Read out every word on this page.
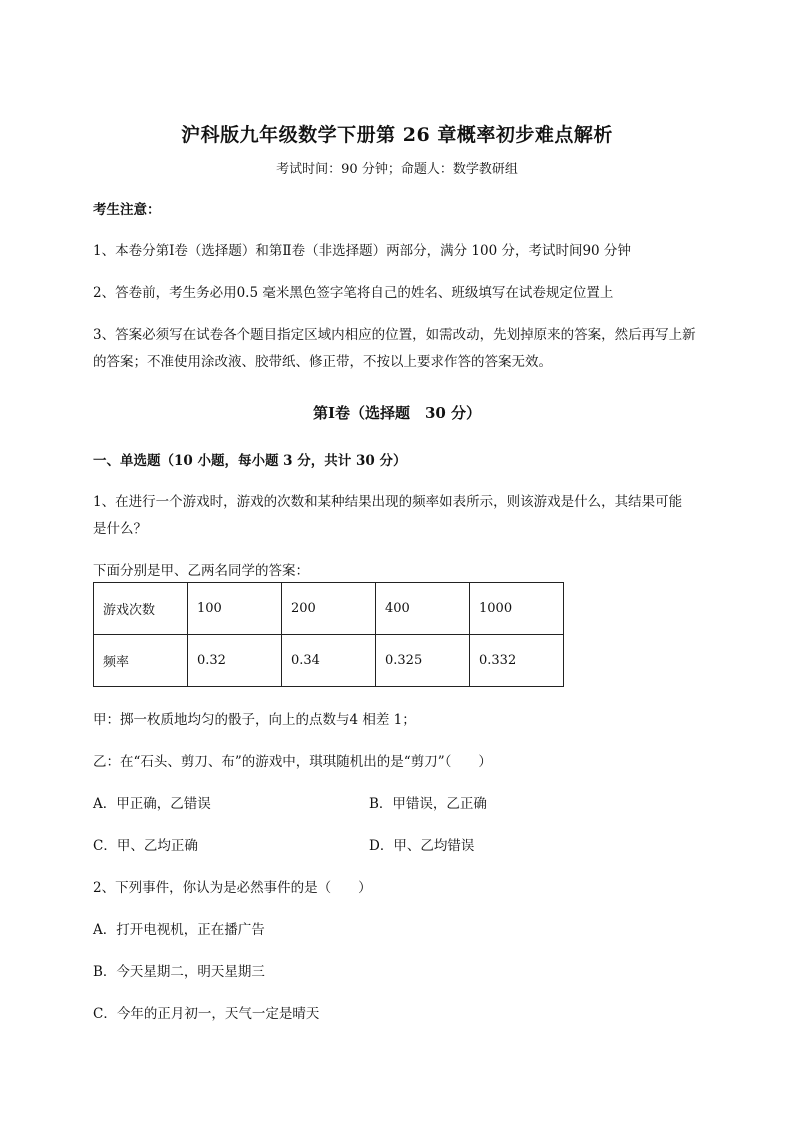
沪科版九年级数学下册第 26 章概率初步难点解析
考试时间：90 分钟；命题人：数学教研组
考生注意：
1、本卷分第Ⅰ卷（选择题）和第Ⅱ卷（非选择题）两部分，满分 100 分，考试时间90 分钟
2、答卷前，考生务必用0.5 毫米黑色签字笔将自己的姓名、班级填写在试卷规定位置上
3、答案必须写在试卷各个题目指定区域内相应的位置，如需改动，先划掉原来的答案，然后再写上新
的答案；不准使用涂改液、胶带纸、修正带，不按以上要求作答的答案无效。
第Ⅰ卷（选择题　30 分）
一、单选题（10 小题，每小题 3 分，共计 30 分）
1、在进行一个游戏时，游戏的次数和某种结果出现的频率如表所示，则该游戏是什么，其结果可能
是什么？
下面分别是甲、乙两名同学的答案：
游戏次数	100	200	400	1000
频率	0.32	0.34	0.325	0.332
甲：掷一枚质地均匀的骰子，向上的点数与4 相差 1；
乙：在“石头、剪刀、布”的游戏中，琪琪随机出的是“剪刀”（　　）
A．甲正确，乙错误	B．甲错误，乙正确
C．甲、乙均正确	D．甲、乙均错误
2、下列事件，你认为是必然事件的是（　　）
A．打开电视机，正在播广告
B．今天星期二，明天星期三
C．今年的正月初一，天气一定是晴天
